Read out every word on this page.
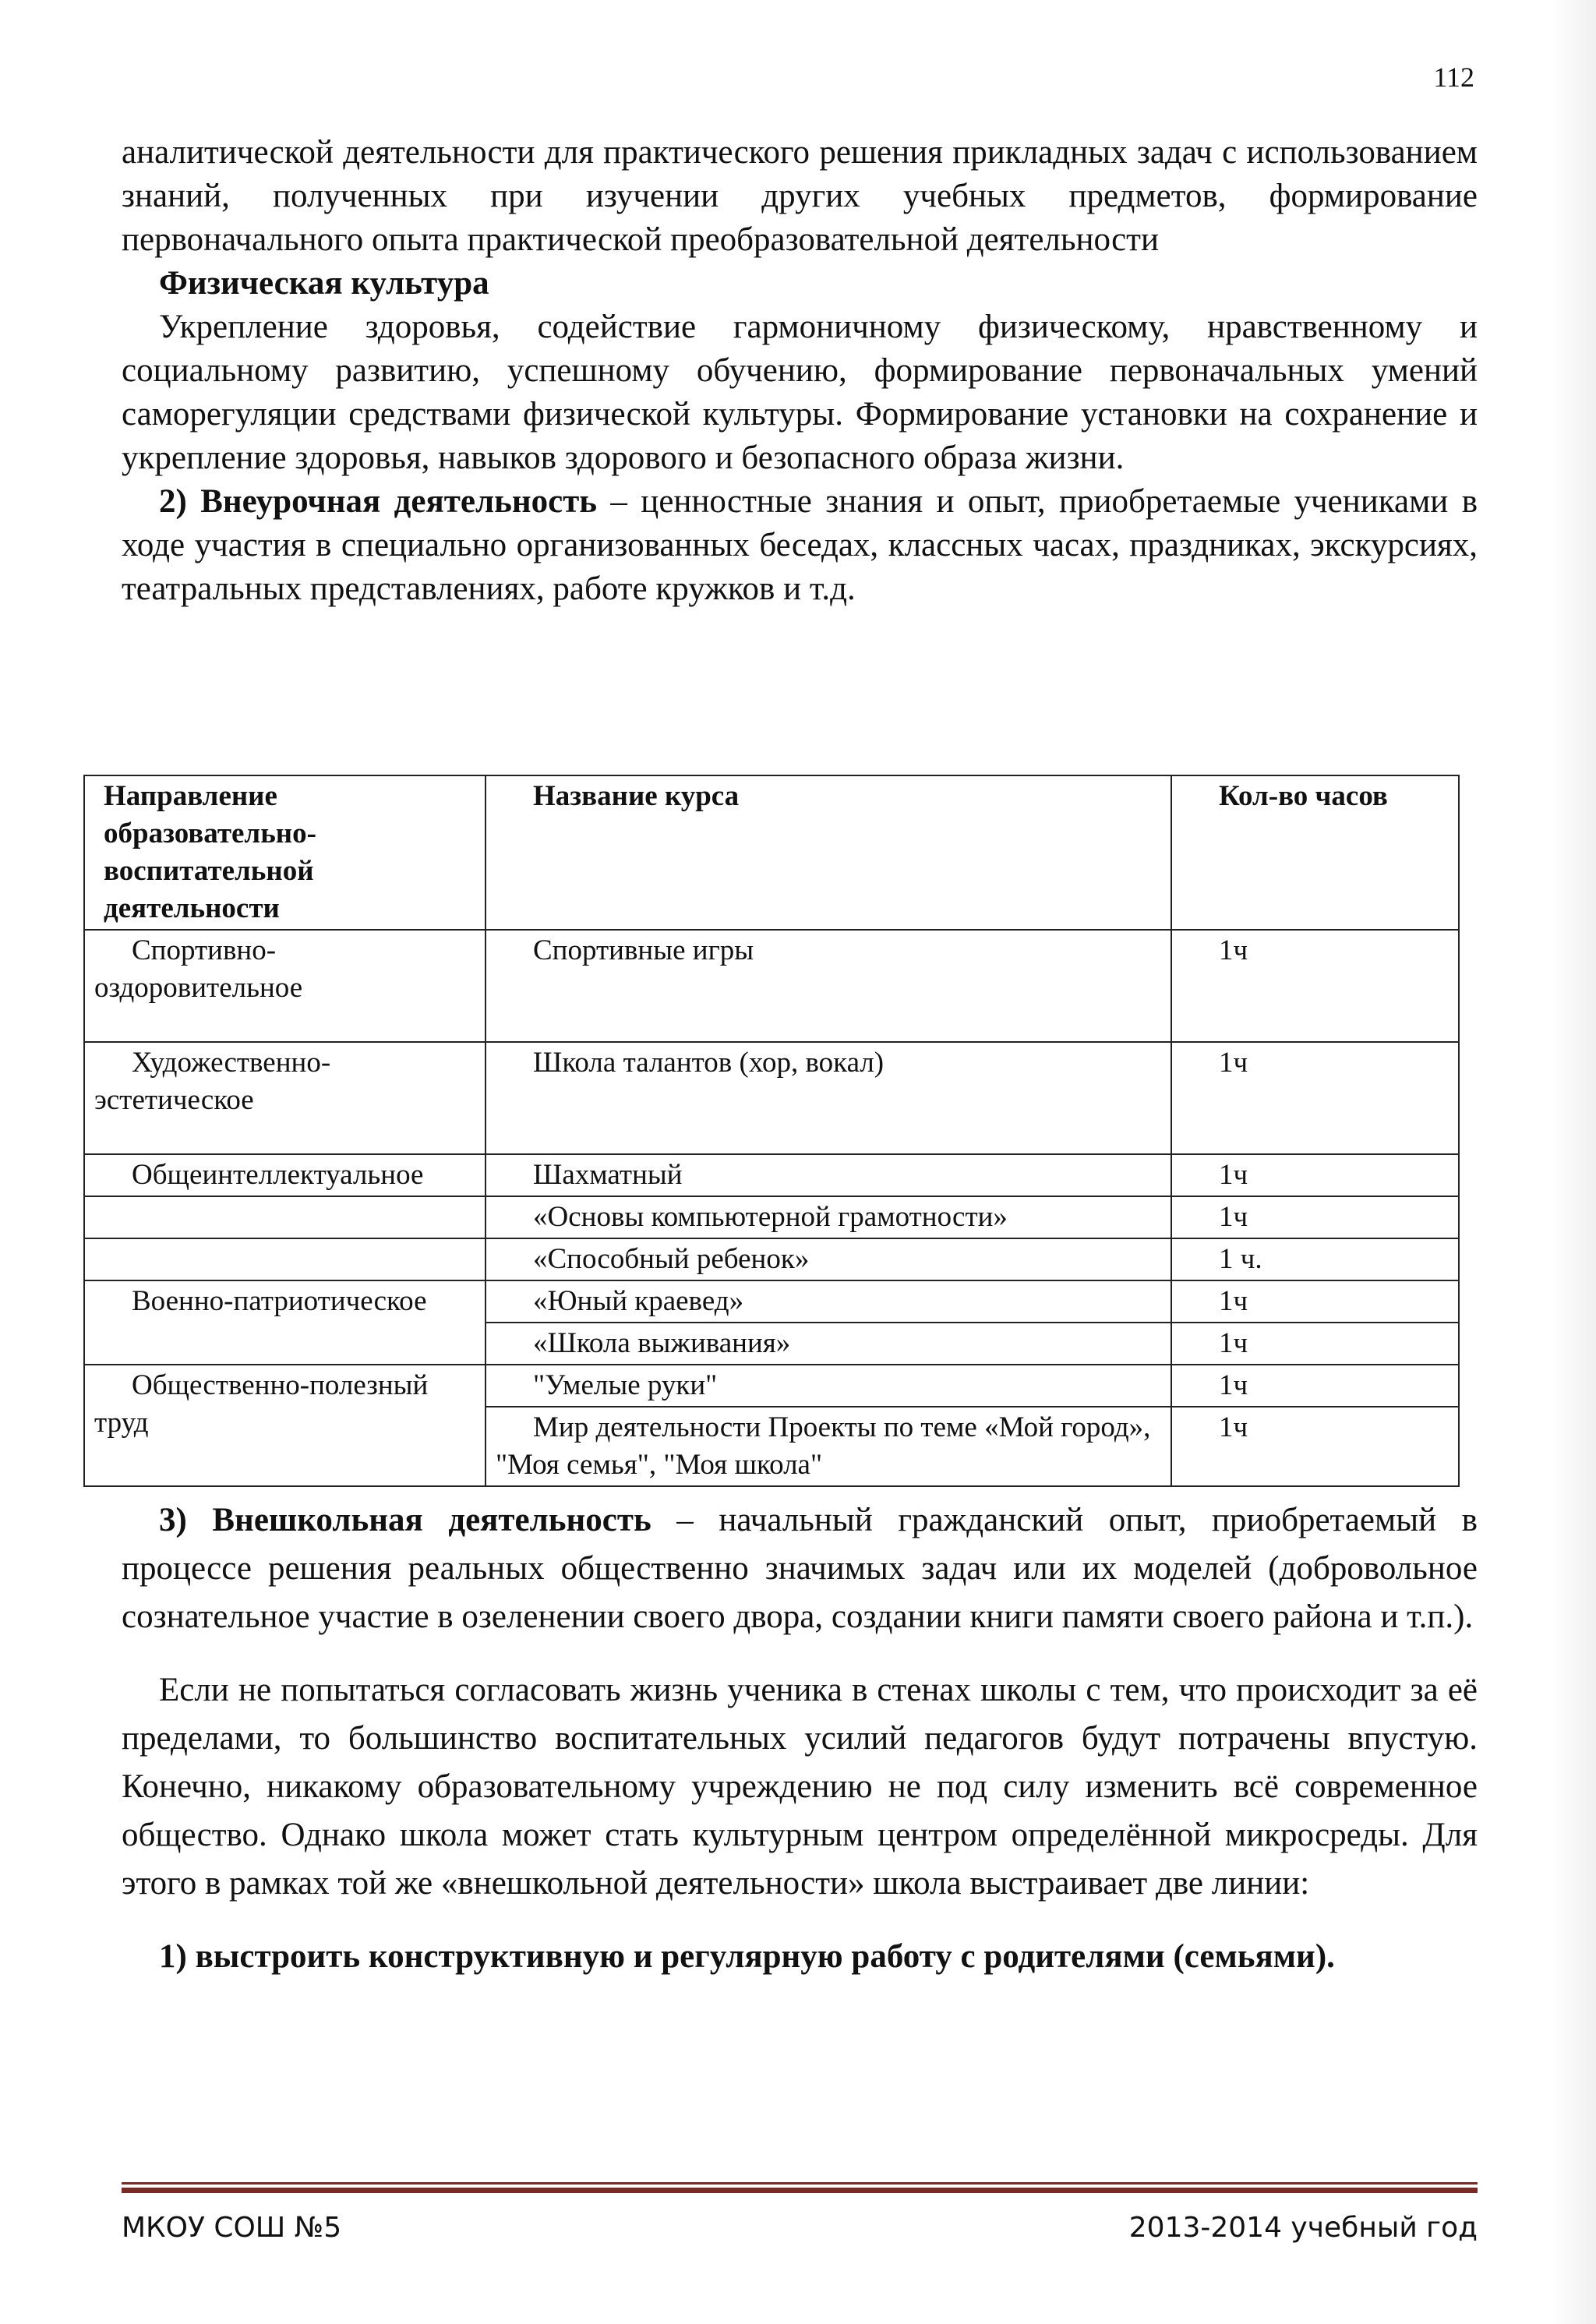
112

аналитической деятельности для практического решения прикладных задач с использованием знаний, полученных при изучении других учебных предметов, формирование первоначального опыта практической преобразовательной деятельности

Физическая культура

Укрепление здоровья, содействие гармоничному физическому, нравственному и социальному развитию, успешному обучению, формирование первоначальных умений саморегуляции средствами физической культуры. Формирование установки на сохранение и укрепление здоровья, навыков здорового и безопасного образа жизни.

2) Внеурочная деятельность – ценностные знания и опыт, приобретаемые учениками в ходе участия в специально организованных беседах, классных часах, праздниках, экскурсиях, театральных представлениях, работе кружков и т.д.

Направление образовательно-воспитательной деятельности	Название курса	Кол-во часов

Спортивно-оздоровительное	Спортивные игры	1ч

Художественно-эстетическое	Школа талантов (хор, вокал)	1ч
Общеинтеллектуальное	Шахматный	1ч
	«Основы компьютерной грамотности»	1ч
	«Способный ребенок»	1 ч.
Военно-патриотическое	«Юный краевед»	1ч
	«Школа выживания»	1ч

Общественно-полезный труд	"Умелые руки"	1ч

	Мир деятельности Проекты по теме «Мой город», "Моя семья", "Моя школа"	1ч

3) Внешкольная деятельность – начальный гражданский опыт, приобретаемый в процессе решения реальных общественно значимых задач или их моделей (добровольное сознательное участие в озеленении своего двора, создании книги памяти своего района и т.п.).

Если не попытаться согласовать жизнь ученика в стенах школы с тем, что происходит за её пределами, то большинство воспитательных усилий педагогов будут потрачены впустую. Конечно, никакому образовательному учреждению не под силу изменить всё современное общество. Однако школа может стать культурным центром определённой микросреды. Для этого в рамках той же «внешкольной деятельности» школа выстраивает две линии:

1) выстроить конструктивную и регулярную работу с родителями (семьями).

МКОУ СОШ №5	2013-2014 учебный год
